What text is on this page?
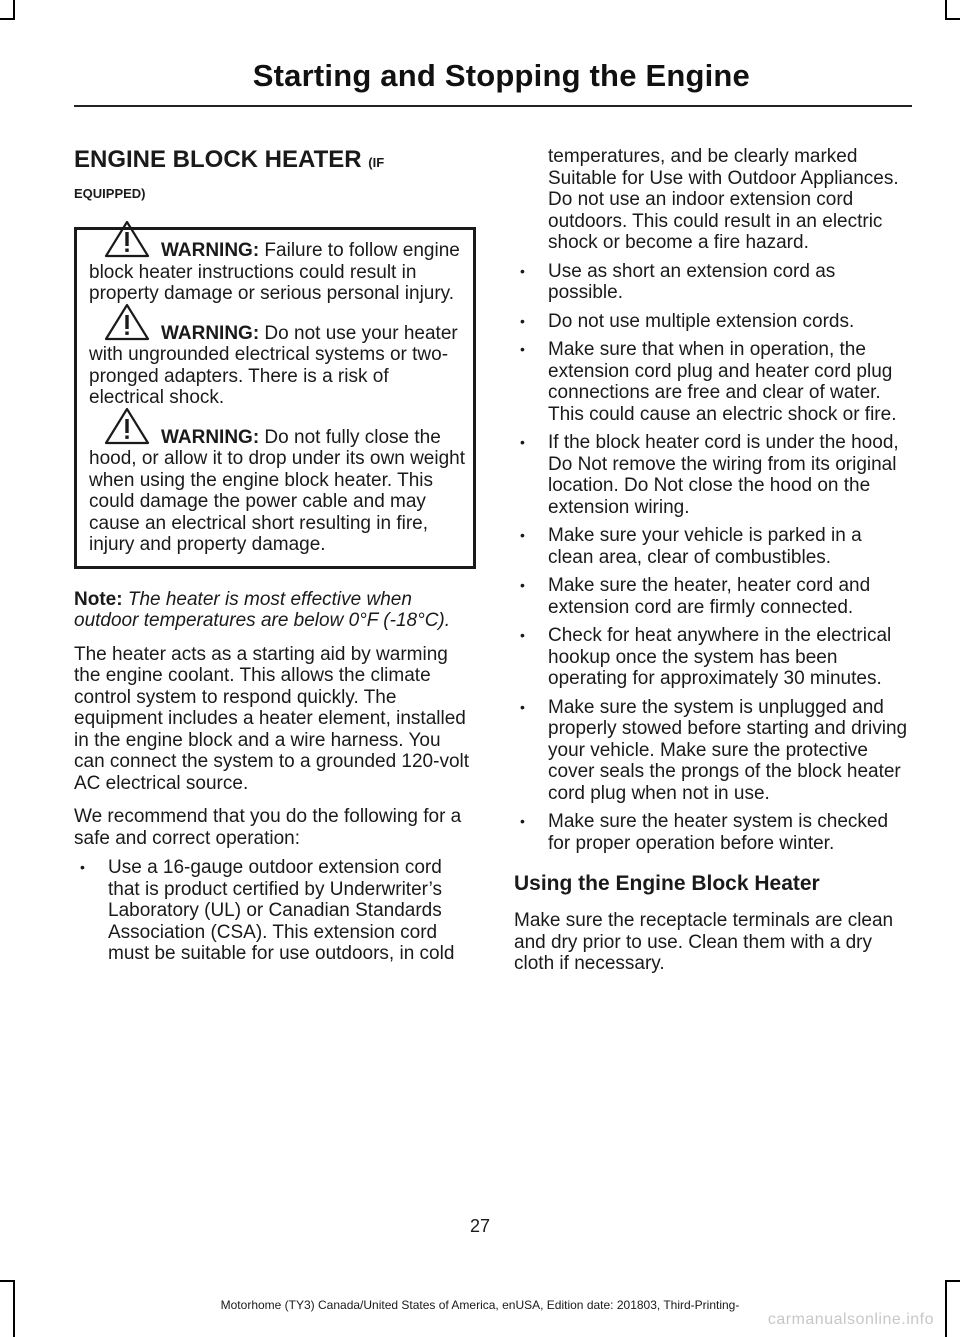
Starting and Stopping the Engine
ENGINE BLOCK HEATER (IF
EQUIPPED)

WARNING: Failure to follow engine block heater instructions could result in property damage or serious personal injury.

WARNING: Do not use your heater with ungrounded electrical systems or two-pronged adapters. There is a risk of electrical shock.

WARNING: Do not fully close the hood, or allow it to drop under its own weight when using the engine block heater. This could damage the power cable and may cause an electrical short resulting in fire, injury and property damage.

Note: The heater is most effective when outdoor temperatures are below 0°F (-18°C).

The heater acts as a starting aid by warming the engine coolant. This allows the climate control system to respond quickly. The equipment includes a heater element, installed in the engine block and a wire harness. You can connect the system to a grounded 120-volt AC electrical source.

We recommend that you do the following for a safe and correct operation:

• Use a 16-gauge outdoor extension cord that is product certified by Underwriter’s Laboratory (UL) or Canadian Standards Association (CSA). This extension cord must be suitable for use outdoors, in cold
temperatures, and be clearly marked Suitable for Use with Outdoor Appliances. Do not use an indoor extension cord outdoors. This could result in an electric shock or become a fire hazard.
• Use as short an extension cord as possible.
• Do not use multiple extension cords.
• Make sure that when in operation, the extension cord plug and heater cord plug connections are free and clear of water. This could cause an electric shock or fire.
• If the block heater cord is under the hood, Do Not remove the wiring from its original location. Do Not close the hood on the extension wiring.
• Make sure your vehicle is parked in a clean area, clear of combustibles.
• Make sure the heater, heater cord and extension cord are firmly connected.
• Check for heat anywhere in the electrical hookup once the system has been operating for approximately 30 minutes.
• Make sure the system is unplugged and properly stowed before starting and driving your vehicle. Make sure the protective cover seals the prongs of the block heater cord plug when not in use.
• Make sure the heater system is checked for proper operation before winter.
Using the Engine Block Heater

Make sure the receptacle terminals are clean and dry prior to use. Clean them with a dry cloth if necessary.

27
Motorhome (TY3) Canada/United States of America, enUSA, Edition date: 201803, Third-Printing-
carmanualsonline.info
